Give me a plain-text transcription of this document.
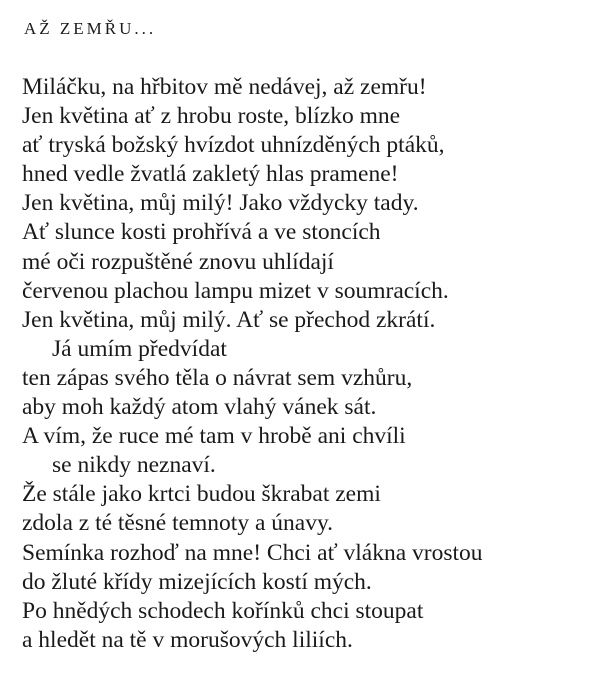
AŽ ZEMŘU...
Miláčku, na hřbitov mě nedávej, až zemřu!
Jen květina ať z hrobu roste, blízko mne
ať tryská božský hvízdot uhnízděných ptáků,
hned vedle žvatlá zakletý hlas pramene!
Jen květina, můj milý! Jako vždycky tady.
Ať slunce kosti prohřívá a ve stoncích
mé oči rozpuštěné znovu uhlídají
červenou plachou lampu mizet v soumracích.
Jen květina, můj milý. Ať se přechod zkrátí.
Já umím předvídat
ten zápas svého těla o návrat sem vzhůru,
aby moh každý atom vlahý vánek sát.
A vím, že ruce mé tam v hrobě ani chvíli
se nikdy neznaví.
Že stále jako krtci budou škrabat zemi
zdola z té těsné temnoty a únavy.
Semínka rozhoď na mne! Chci ať vlákna vrostou
do žluté křídy mizejících kostí mých.
Po hnědých schodech kořínků chci stoupat
a hledět na tě v morušových liliích.
